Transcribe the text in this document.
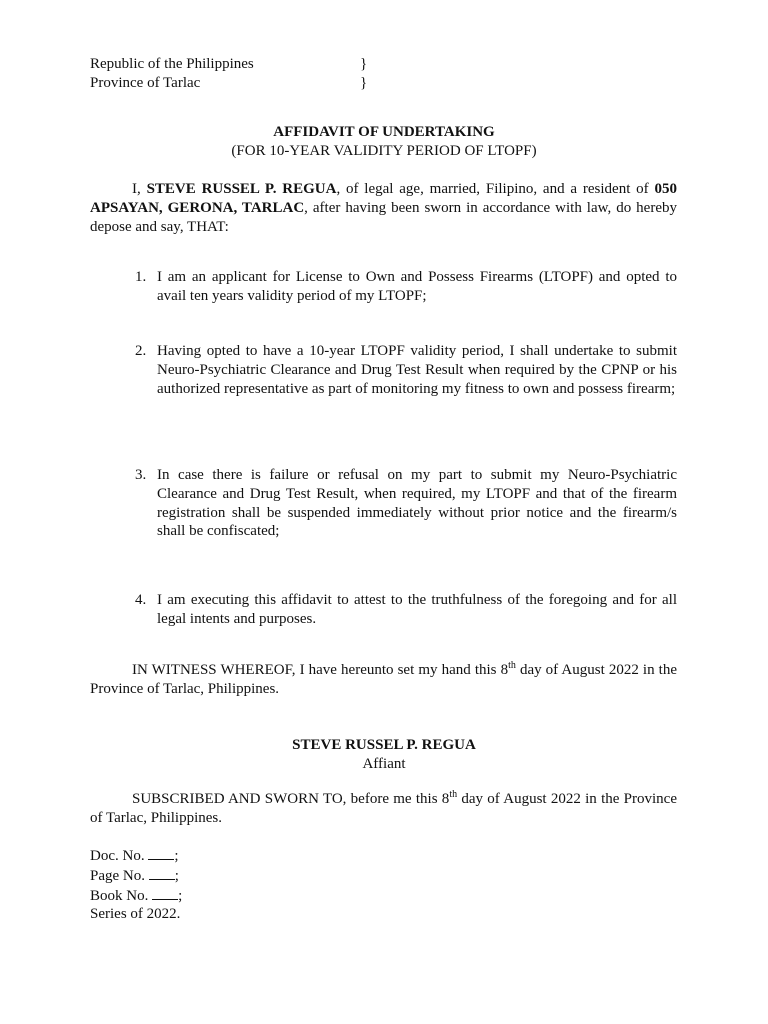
Republic of the Philippines	}
Province of Tarlac	}
AFFIDAVIT OF UNDERTAKING
(FOR 10-YEAR VALIDITY PERIOD OF LTOPF)

I, STEVE RUSSEL P. REGUA, of legal age, married, Filipino, and a resident of 050 APSAYAN, GERONA, TARLAC, after having been sworn in accordance with law, do hereby depose and say, THAT:

1. I am an applicant for License to Own and Possess Firearms (LTOPF) and opted to avail ten years validity period of my LTOPF;
2. Having opted to have a 10-year LTOPF validity period, I shall undertake to submit Neuro-Psychiatric Clearance and Drug Test Result when required by the CPNP or his authorized representative as part of monitoring my fitness to own and possess firearm;
3. In case there is failure or refusal on my part to submit my Neuro-Psychiatric Clearance and Drug Test Result, when required, my LTOPF and that of the firearm registration shall be suspended immediately without prior notice and the firearm/s shall be confiscated;
4. I am executing this affidavit to attest to the truthfulness of the foregoing and for all legal intents and purposes.

IN WITNESS WHEREOF, I have hereunto set my hand this 8th day of August 2022 in the Province of Tarlac, Philippines.

STEVE RUSSEL P. REGUA
Affiant

SUBSCRIBED AND SWORN TO, before me this 8th day of August 2022 in the Province of Tarlac, Philippines.

Doc. No. ;
Page No. ;
Book No. ;
Series of 2022.
